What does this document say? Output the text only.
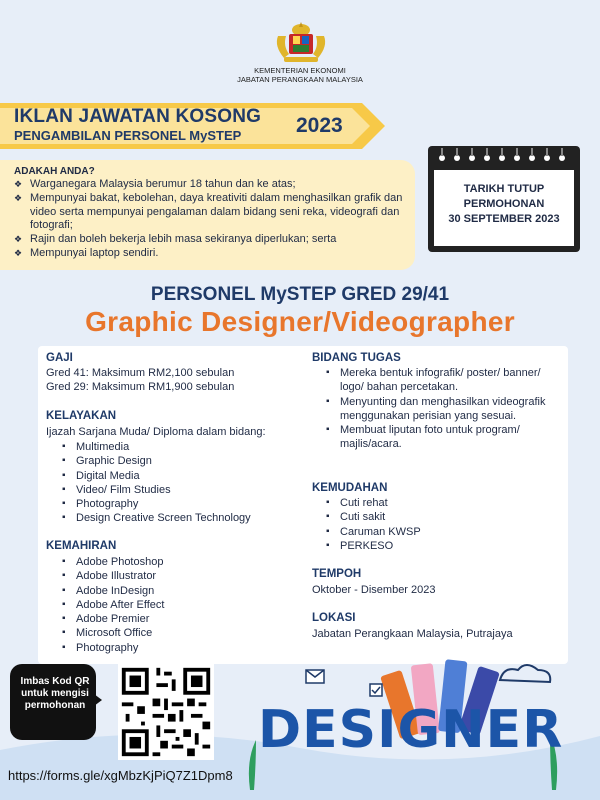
KEMENTERIAN EKONOMI
JABATAN PERANGKAAN MALAYSIA
IKLAN JAWATAN KOSONG
PENGAMBILAN PERSONEL MySTEP	2023
ADAKAH ANDA?
❖ Warganegara Malaysia berumur 18 tahun dan ke atas;
❖ Mempunyai bakat, kebolehan, daya kreativiti dalam menghasilkan grafik dan video serta mempunyai pengalaman dalam bidang seni reka, videografi dan fotografi;
❖ Rajin dan boleh bekerja lebih masa sekiranya diperlukan; serta
❖ Mempunyai laptop sendiri.
TARIKH TUTUP
PERMOHONAN
30 SEPTEMBER 2023
PERSONEL MySTEP GRED 29/41
Graphic Designer/Videographer
GAJI
Gred 41: Maksimum RM2,100 sebulan
Gred 29: Maksimum RM1,900 sebulan
KELAYAKAN
Ijazah Sarjana Muda/ Diploma dalam bidang:
▪ Multimedia
▪ Graphic Design
▪ Digital Media
▪ Video/ Film Studies
▪ Photography
▪ Design Creative Screen Technology
KEMAHIRAN
▪ Adobe Photoshop
▪ Adobe Illustrator
▪ Adobe InDesign
▪ Adobe After Effect
▪ Adobe Premier
▪ Microsoft Office
▪ Photography
BIDANG TUGAS
▪ Mereka bentuk infografik/ poster/ banner/ logo/ bahan percetakan.
▪ Menyunting dan menghasilkan videografik menggunakan perisian yang sesuai.
▪ Membuat liputan foto untuk program/ majlis/acara.
KEMUDAHAN
▪ Cuti rehat
▪ Cuti sakit
▪ Caruman KWSP
▪ PERKESO
TEMPOH
Oktober - Disember 2023
LOKASI
Jabatan Perangkaan Malaysia, Putrajaya
DESIGNER
Imbas Kod QR untuk mengisi permohonan
https://forms.gle/xgMbzKjPiQ7Z1Dpm8
